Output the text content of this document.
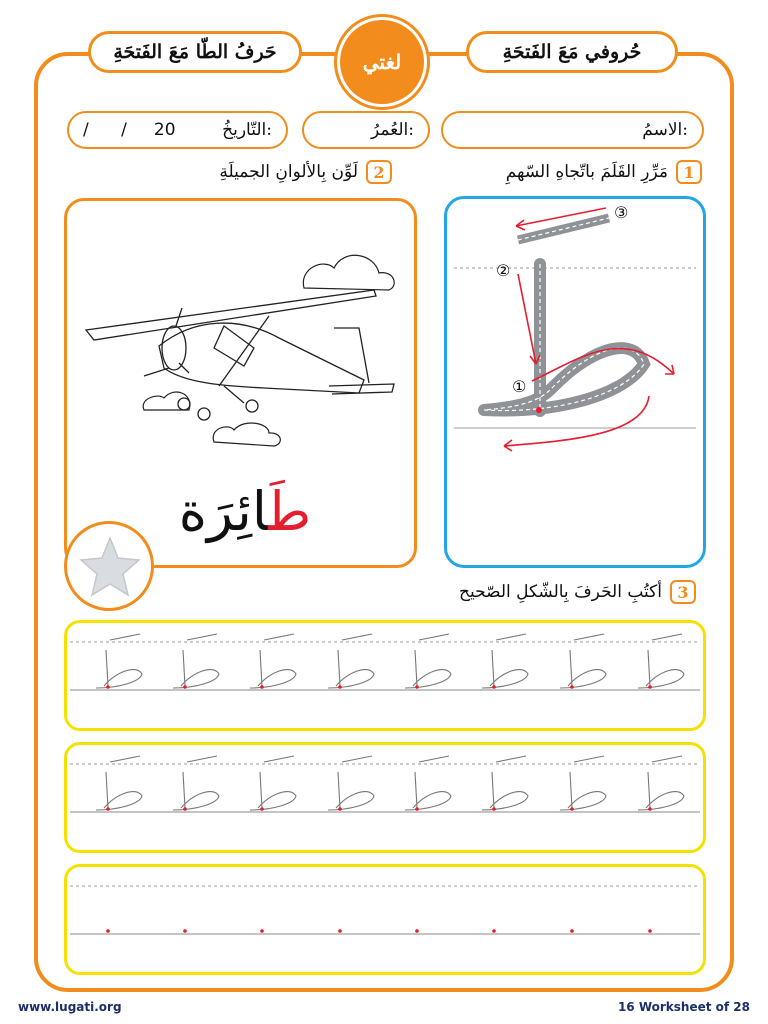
حُروفي مَعَ الفَتحَةِ
حَرفُ الطّا مَعَ الفَتحَةِ	لغتي
الاسمُ:
العُمرُ:
20     /      /	التّاريخُ:
1
مَرِّرِ القَلَمَ باتّجاهِ السّهمِ
2
لَوِّن بِالألوانِ الجميلَةِ
3
أكتُبِ الحَرفَ بِالشّكلِ الصّحيح
③
②
①
طَائِرَة
www.lugati.org	16 Worksheet of 28
